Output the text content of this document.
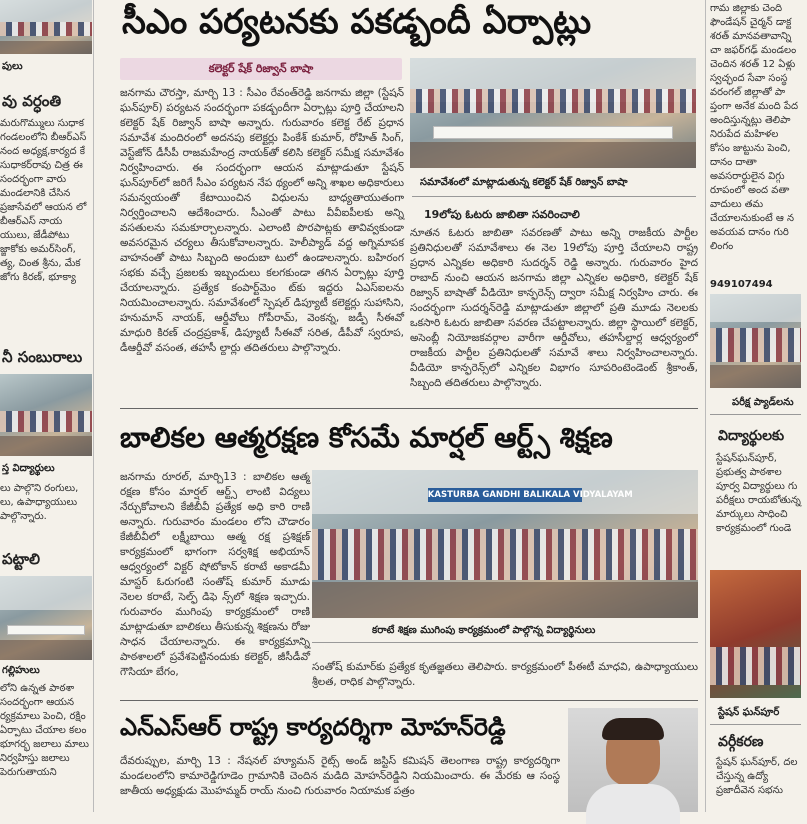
పులు

వు వర్ధంతి

మరుగొమ్ములు సుధాక గండలంలోని బీఆర్ఎస్ నంద అధ్యక్ష,కార్యద కే సుధాకర్‌రావు చిత్ర ఈ సందర్భంగా వారు మండలానికి చేసిన ప్రజాసేవలో ఆయన లో బీఆర్ఎస్ నాయ యులు, జేడీపోటు జ్జాకోకు అమర్‌సింగ్, త్య, చింత శ్రీను, మేక జోగు కిరణ్, భూక్యా

నీ సంబురాలు

స్త విద్యార్థులు

లు పాల్గొని రంగులు, లు, ఉపాధ్యాయులు పాల్గొన్నారు.

పట్టాలి

గల్లిహులు

లోని ఉన్నత పాఠశా సందర్భంగా ఆయన ర్యక్రమాలు పెంచి, రక్షిం ఏర్పాటు చేయాల కలం భూగర్భ జలాలు మాలు నిర్వహిస్తు జలాలు పెరుగుతాయని

సీఎం పర్యటనకు పకడ్బందీ ఏర్పాట్లు
కలెక్టర్ షేక్ రిజ్వాన్ బాషా

జనగామ చౌరస్తా, మార్చి 13 : సీఎం రేవంత్‌రెడ్డి జనగామ జిల్లా (స్టేషన్ ఘన్‌పూర్) పర్యటన సందర్భంగా పకడ్బందీగా ఏర్పాట్లు పూర్తి చేయాలని కలెక్టర్ షేక్ రిజ్వాన్ బాషా అన్నారు. గురువారం కలెక్ట రేట్ ప్రధాన సమావేశ మందిరంలో అదనపు కలెక్టర్లు పింకేశ్ కుమార్, రోహిత్ సింగ్, వెస్ట్‌జోన్ డీసీపీ రాజమహేంద్ర నాయక్‌తో కలిసి కలెక్టర్ సమీక్ష సమావేశం నిర్వహించారు. ఈ సందర్భంగా ఆయన మాట్లాడుతూ స్టేషన్ ఘన్‌పూర్‌లో జరిగే సీఎం పర్యటన నేప థ్యంలో అన్ని శాఖల అధికారులు సమన్వయంతో కేటాయించిన విధులను బాధ్యతాయుతంగా నిర్వర్తించాలని ఆదేశించారు. సీఎంతో పాటు వీవీఐపీలకు అన్ని వసతులను సమకూర్చాలన్నారు. ఎలాంటి పొరపాట్లకు తావివ్వకుండా అవసరమైన చర్యలు తీసుకోవాలన్నారు. హెలీప్యాడ్ వద్ద అగ్నిమాపక వాహనంతో పాటు సిబ్బంది అందుబా టులో ఉండాలన్నారు. బహిరంగ సభకు వచ్చే ప్రజలకు ఇబ్బందులు కలగకుండా తగిన ఏర్పాట్లు పూర్తి చేయాలన్నారు. ప్రత్యేక కంపార్ట్‌మెం ట్‌కు ఇద్దరు ఏఎస్ఐలను నియమించాలన్నారు. సమావేశంలో స్పెషల్ డిప్యూటీ కలెక్టర్లు సుహాసిని, హనుమాన్ నాయక్, ఆర్డీవోలు గోపీరామ్, వెంకన్న, జడ్పీ సీఈవో మాధురి కిరణ్ చంద్రప్రకాశ్, డిప్యూటీ సీఈవో సరిత, డీపీవో స్వరూప, డీఆర్డీవో వసంత, తహసీ ల్దార్లు తదితరులు పాల్గొన్నారు.

సమావేశంలో మాట్లాడుతున్న కలెక్టర్ షేక్ రిజ్వాన్ బాషా

19లోపు ఓటరు జాబితా సవరించాలి

నూతన ఓటరు జాబితా సవరణతో పాటు అన్ని రాజకీయ పార్టీల ప్రతినిధులతో సమావేశాలు ఈ నెల 19లోపు పూర్తి చేయాలని రాష్ట్ర ప్రధాన ఎన్నికల అధికారి సుదర్శన్ రెడ్డి అన్నారు. గురువారం హైద రాబాద్ నుంచి ఆయన జనగామ జిల్లా ఎన్నికల అధికారి, కలెక్టర్ షేక్ రిజ్వాన్ బాషాతో వీడియో కాన్ఫరెన్స్ ద్వారా సమీక్ష నిర్వహిం చారు. ఈ సందర్భంగా సుదర్శన్‌రెడ్డి మాట్లాడుతూ జిల్లాలో ప్రతి మూడు నెలలకు ఒకసారి ఓటరు జాబితా సవరణ చేపట్టాలన్నారు. జిల్లా స్థాయిలో కలెక్టర్, అసెంబ్లీ నియోజకవర్గాల వారీగా ఆర్డీవోలు, తహసీల్దార్ల ఆధ్వర్యంలో రాజకీయ పార్టీల ప్రతినిధులతో సమావే శాలు నిర్వహించాలన్నారు. వీడియో కాన్ఫరెన్స్‌లో ఎన్నికల విభాగం సూపరింటెండెంట్ శ్రీకాంత్, సిబ్బంది తదితరులు పాల్గొన్నారు.

బాలికల ఆత్మరక్షణ కోసమే మార్షల్ ఆర్ట్స్ శిక్షణ

జనగామ రూరల్, మార్చి13 : బాలికల ఆత్మ రక్షణ కోసం మార్షల్ ఆర్ట్స్ లాంటి విద్యలు నేర్చుకోవాలని కేజీబీవీ ప్రత్యేక అధి కారి రాణి అన్నారు. గురువారం మండలం లోని చౌడారం కేజీబీవీలో లక్ష్మీబాయి ఆత్మ రక్ష ప్రశిక్షణ్ కార్యక్రమంలో భాగంగా సర్వశిక్ష అభియాన్ ఆధ్వర్యంలో విక్టర్ షోటోకాన్ కరాటే అకాడమీ మాస్టర్ ఓరుగంటి సంతోష్ కుమార్ మూడు నెలల కరాటే, సెల్ఫ్ డిఫె న్స్‌లో శిక్షణ ఇచ్చారు. గురువారం ముగింపు కార్యక్రమంలో రాణి మాట్లాడుతూ బాలికలు తీసుకున్న శిక్షణను రోజు సాధన చేయాలన్నారు. ఈ కార్యక్రమాన్ని పాఠశాలలో ప్రవేశపెట్టినందుకు కలెక్టర్, జీసీడీవో గౌసియా బేగం,

KASTURBA GANDHI BALIKALA VIDYALAYAM

కరాటే శిక్షణ ముగింపు కార్యక్రమంలో పాల్గొన్న విద్యార్థినులు

సంతోష్ కుమార్‌కు ప్రత్యేక కృతజ్ఞతలు తెలిపారు. కార్యక్రమంలో పీఈటీ మాధవి, ఉపాధ్యాయులు శ్రీలత, రాధిక పాల్గొన్నారు.

ఎన్ఎస్ఆర్ రాష్ట్ర కార్యదర్శిగా మోహన్‌రెడ్డి

దేవరుప్పుల, మార్చి 13 : నేషనల్ హ్యూమన్ రైట్స్ అండ్ జస్టిస్ కమిషన్ తెలంగాణ రాష్ట్ర కార్యదర్శిగా మండలంలోని కామారెడ్డిగూడెం గ్రామానికి చెందిన మడిది మోహన్‌రెడ్డిని నియమించారు. ఈ మేరకు ఆ సంస్థ జాతీయ అధ్యక్షుడు మొహమ్మద్ రాయ్ నుంచి గురువారం నియామక పత్రం

గామ జిల్లాకు చెంది ఫౌండేషన్ చైర్మన్ డాక్ట శరత్ మానవతావాన్ని చా జఫర్‌గఢ్ మండలం చెందిన శరత్ 12 ఏళ్లు స్వచ్ఛంద సేవా సంస్థ వరంగల్ జిల్లాతో పా ప్తంగా అనేక మంది పేద అందిస్తున్నట్లు తెలిపా నిరుపేద మహిళల కోసం జుట్టును పెంచి, దానం దాతా అవసరార్థులైన విగ్గు రూపంలో అంద వతా వాదులు తమ చేయాలనుకుంటే ఆ న అవయవ దానం గురి లింగం

949107494

పరీక్ష ప్యాడ్‌లను

విద్యార్థులకు

స్టేషన్‌ఘన్‌పూర్, ప్రభుత్వ పాఠశాల పూర్వ విద్యార్థులు గు పరీక్షలు రాయబోతున్న మార్కులు సాధించి కార్యక్రమంలో గుండె

స్టేషన్ ఘన్‌పూర్

వర్గీకరణ

స్టేషన్ ఘన్‌పూర్, దల చేస్తున్న ఉద్యో ప్రజాదీవెన సభను
